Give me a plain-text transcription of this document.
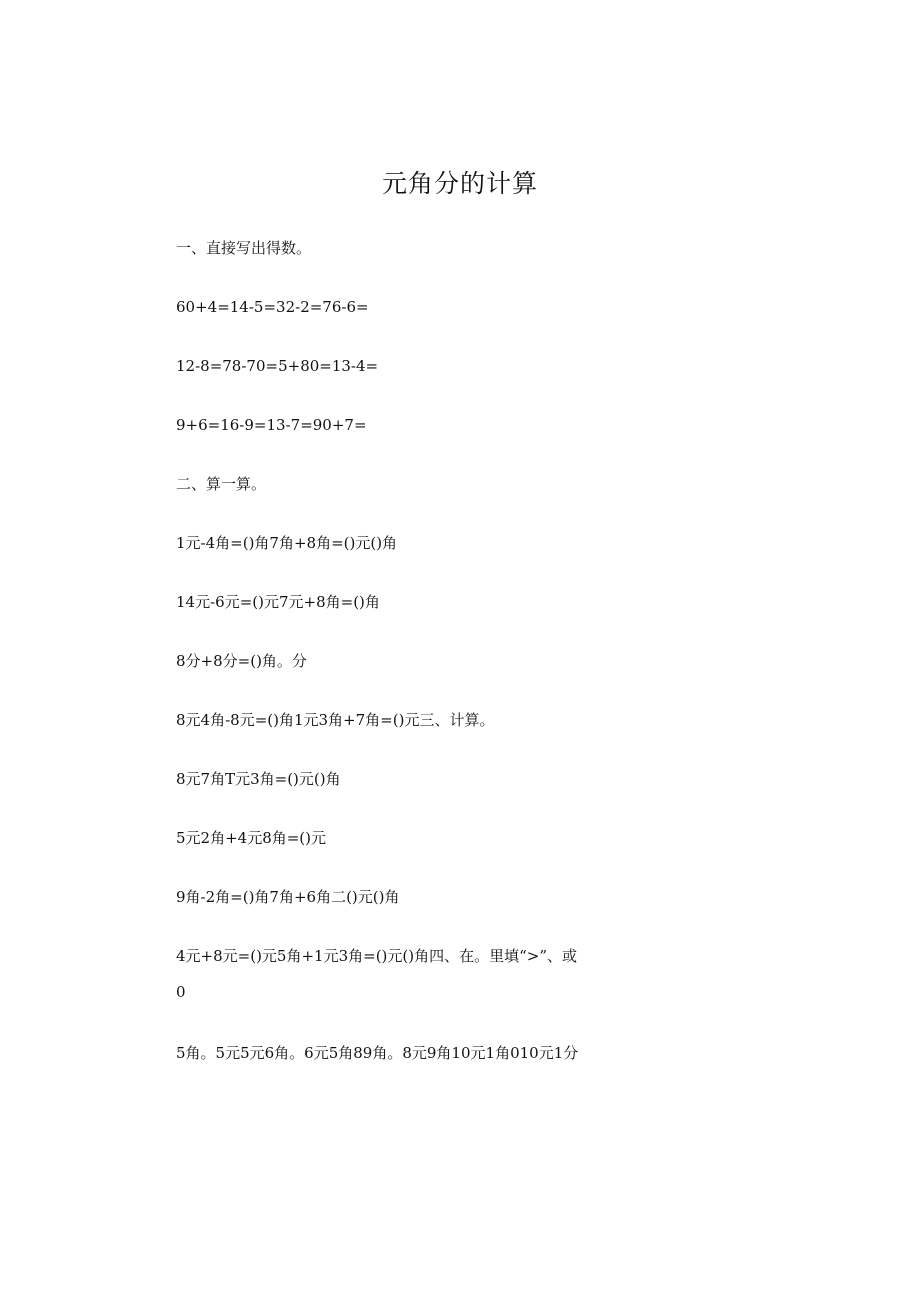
元角分的计算
一、直接写出得数。
60+4=14-5=32-2=76-6=
12-8=78-70=5+80=13-4=
9+6=16-9=13-7=90+7=
二、算一算。
1元-4角=()角7角+8角=()元()角
14元-6元=()元7元+8角=()角
8分+8分=()角。分
8元4角-8元=()角1元3角+7角=()元三、计算。
8元7角T元3角=()元()角
5元2角+4元8角=()元
9角-2角=()角7角+6角二()元()角
4元+8元=()元5角+1元3角=()元()角四、在。里填“>”、或
0
5角。5元5元6角。6元5角89角。8元9角10元1角010元1分
